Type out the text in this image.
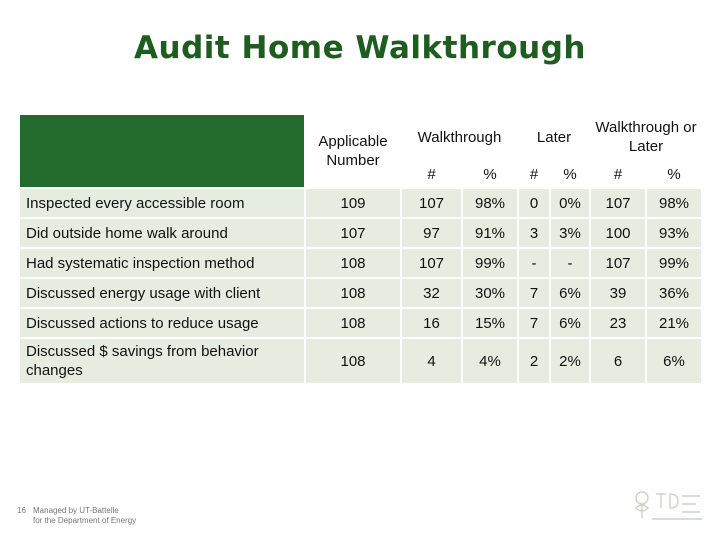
Audit Home Walkthrough
	Applicable Number	Walkthrough		Later		Walkthrough or Later	
		#	%	#	%	#	%
Inspected every accessible room	109	107	98%	0	0%	107	98%
Did outside home walk around	107	97	91%	3	3%	100	93%
Had systematic inspection method	108	107	99%	-	-	107	99%
Discussed energy usage with client	108	32	30%	7	6%	39	36%
Discussed actions to reduce usage	108	16	15%	7	6%	23	21%
Discussed $ savings from behavior changes	108	4	4%	2	2%	6	6%
16 Managed by UT-Battelle
for the Department of Energy
